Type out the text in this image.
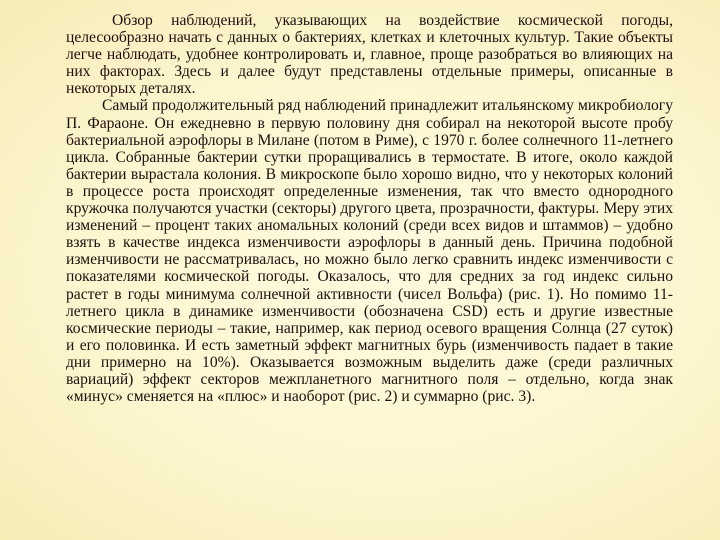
Обзор наблюдений, указывающих на воздействие космической погоды, целесообразно начать с данных о бактериях, клетках и клеточных культур. Такие объекты легче наблюдать, удобнее контролировать и, главное, проще разобраться во влияющих на них факторах. Здесь и далее будут представлены отдельные примеры, описанные в некоторых деталях.

Самый продолжительный ряд наблюдений принадлежит итальянскому микробиологу П. Фараоне. Он ежедневно в первую половину дня собирал на некоторой высоте пробу бактериальной аэрофлоры в Милане (потом в Риме), с 1970 г. более солнечного 11-летнего цикла. Собранные бактерии сутки проращивались в термостате. В итоге, около каждой бактерии вырастала колония. В микроскопе было хорошо видно, что у некоторых колоний в процессе роста происходят определенные изменения, так что вместо однородного кружочка получаются участки (секторы) другого цвета, прозрачности, фактуры. Меру этих изменений – процент таких аномальных колоний (среди всех видов и штаммов) – удобно взять в качестве индекса изменчивости аэрофлоры в данный день. Причина подобной изменчивости не рассматривалась, но можно было легко сравнить индекс изменчивости с показателями космической погоды. Оказалось, что для средних за год индекс сильно растет в годы минимума солнечной активности (чисел Вольфа) (рис. 1). Но помимо 11-летнего цикла в динамике изменчивости (обозначена CSD) есть и другие известные космические периоды – такие, например, как период осевого вращения Солнца (27 суток) и его половинка. И есть заметный эффект магнитных бурь (изменчивость падает в такие дни примерно на 10%). Оказывается возможным выделить даже (среди различных вариаций) эффект секторов межпланетного магнитного поля – отдельно, когда знак «минус» сменяется на «плюс» и наоборот (рис. 2) и суммарно (рис. 3).
